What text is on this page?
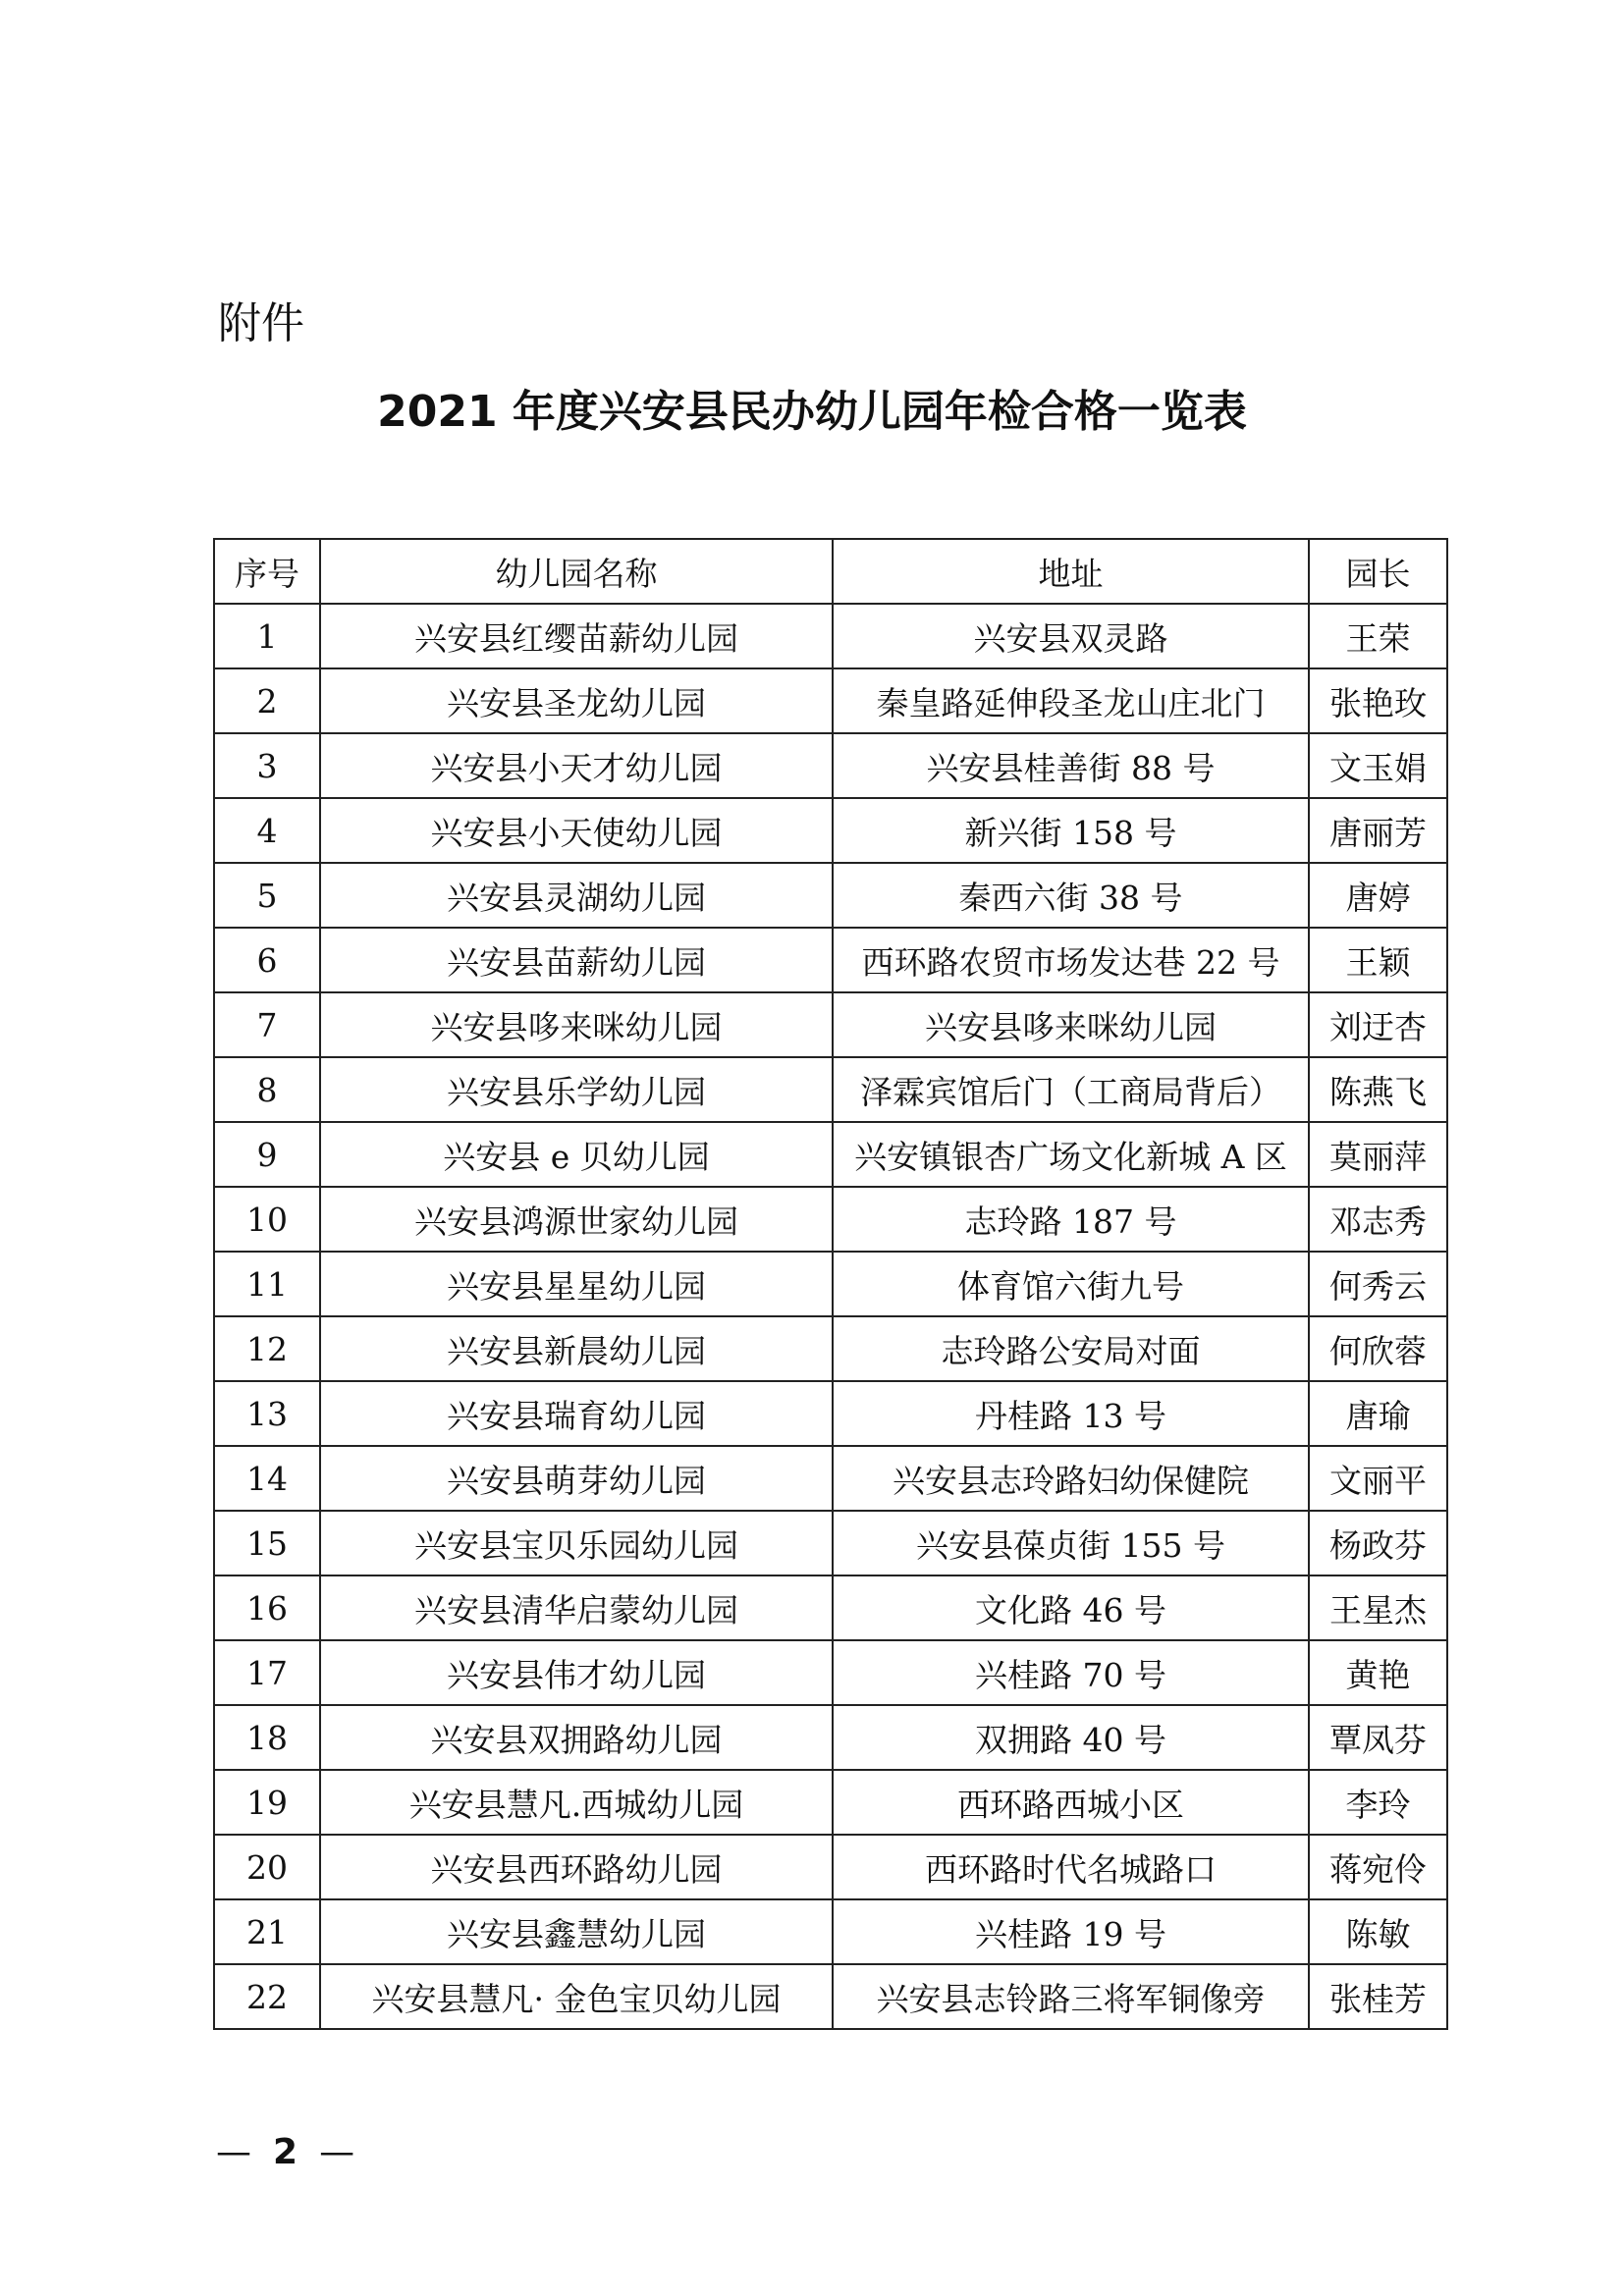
附件
2021 年度兴安县民办幼儿园年检合格一览表
序号	幼儿园名称	地址	园长
1	兴安县红缨苗薪幼儿园	兴安县双灵路	王荣
2	兴安县圣龙幼儿园	秦皇路延伸段圣龙山庄北门	张艳玫
3	兴安县小天才幼儿园	兴安县桂善街 88 号	文玉娟
4	兴安县小天使幼儿园	新兴街 158 号	唐丽芳
5	兴安县灵湖幼儿园	秦西六街 38 号	唐婷
6	兴安县苗薪幼儿园	西环路农贸市场发达巷 22 号	王颖
7	兴安县哆来咪幼儿园	兴安县哆来咪幼儿园	刘迂杏
8	兴安县乐学幼儿园	泽霖宾馆后门（工商局背后）	陈燕飞
9	兴安县 e 贝幼儿园	兴安镇银杏广场文化新城 A 区	莫丽萍
10	兴安县鸿源世家幼儿园	志玲路 187 号	邓志秀
11	兴安县星星幼儿园	体育馆六街九号	何秀云
12	兴安县新晨幼儿园	志玲路公安局对面	何欣蓉
13	兴安县瑞育幼儿园	丹桂路 13 号	唐瑜
14	兴安县萌芽幼儿园	兴安县志玲路妇幼保健院	文丽平
15	兴安县宝贝乐园幼儿园	兴安县葆贞街 155 号	杨政芬
16	兴安县清华启蒙幼儿园	文化路 46 号	王星杰
17	兴安县伟才幼儿园	兴桂路 70 号	黄艳
18	兴安县双拥路幼儿园	双拥路 40 号	覃凤芬
19	兴安县慧凡.西城幼儿园	西环路西城小区	李玲
20	兴安县西环路幼儿园	西环路时代名城路口	蒋宛伶
21	兴安县鑫慧幼儿园	兴桂路 19 号	陈敏
22	兴安县慧凡· 金色宝贝幼儿园	兴安县志铃路三将军铜像旁	张桂芳
— 2 —
